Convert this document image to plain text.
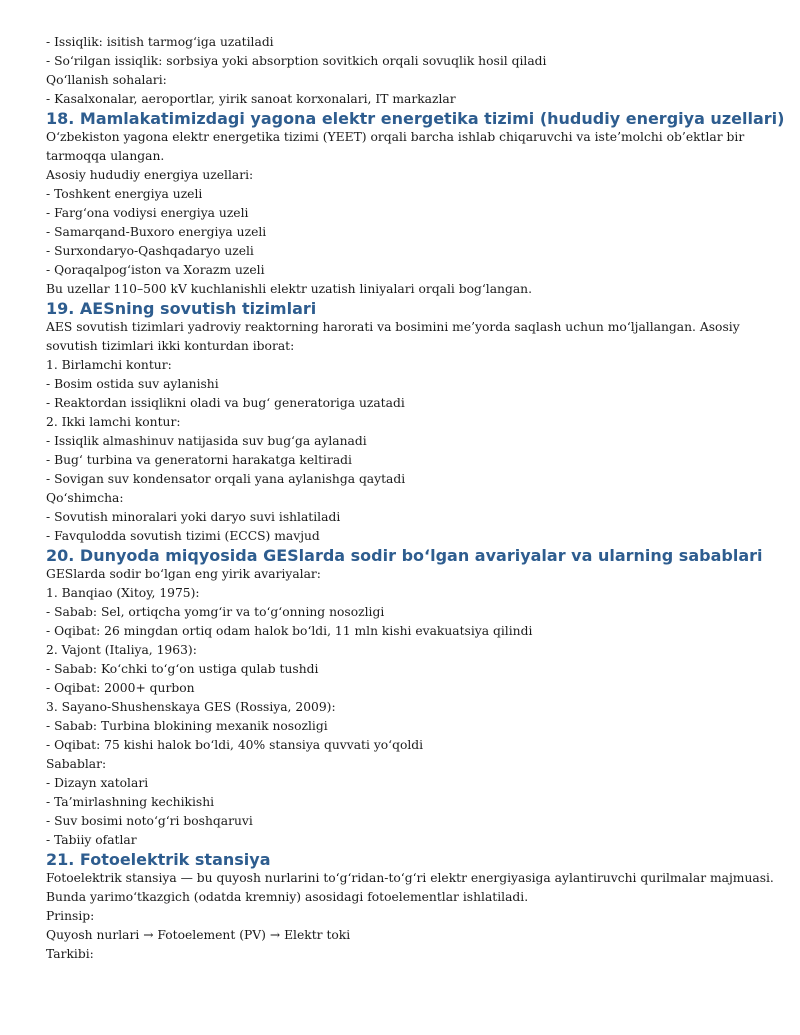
- Issiqlik: isitish tarmog‘iga uzatiladi
- So‘rilgan issiqlik: sorbsiya yoki absorption sovitkich orqali sovuqlik hosil qiladi
Qo‘llanish sohalari:
- Kasalxonalar, aeroportlar, yirik sanoat korxonalari, IT markazlar
18. Mamlakatimizdagi yagona elektr energetika tizimi (hududiy energiya uzellari)
O‘zbekiston yagona elektr energetika tizimi (YEET) orqali barcha ishlab chiqaruvchi va iste’molchi ob’ektlar bir tarmoqqa ulangan.
Asosiy hududiy energiya uzellari:
- Toshkent energiya uzeli
- Farg‘ona vodiysi energiya uzeli
- Samarqand-Buxoro energiya uzeli
- Surxondaryo-Qashqadaryo uzeli
- Qoraqalpog‘iston va Xorazm uzeli
Bu uzellar 110–500 kV kuchlanishli elektr uzatish liniyalari orqali bog‘langan.
19. AESning sovutish tizimlari
AES sovutish tizimlari yadroviy reaktorning harorati va bosimini me’yorda saqlash uchun mo‘ljallangan. Asosiy sovutish tizimlari ikki konturdan iborat:
1. Birlamchi kontur:
- Bosim ostida suv aylanishi
- Reaktordan issiqlikni oladi va bug‘ generatoriga uzatadi
2. Ikki lamchi kontur:
- Issiqlik almashinuv natijasida suv bug‘ga aylanadi
- Bug‘ turbina va generatorni harakatga keltiradi
- Sovigan suv kondensator orqali yana aylanishga qaytadi
Qo‘shimcha:
- Sovutish minoralari yoki daryo suvi ishlatiladi
- Favqulodda sovutish tizimi (ECCS) mavjud
20. Dunyoda miqyosida GESlarda sodir bo‘lgan avariyalar va ularning sabablari
GESlarda sodir bo‘lgan eng yirik avariyalar:
1. Banqiao (Xitoy, 1975):
- Sabab: Sel, ortiqcha yomg‘ir va to‘g‘onning nosozligi
- Oqibat: 26 mingdan ortiq odam halok bo‘ldi, 11 mln kishi evakuatsiya qilindi
2. Vajont (Italiya, 1963):
- Sabab: Ko‘chki to‘g‘on ustiga qulab tushdi
- Oqibat: 2000+ qurbon
3. Sayano-Shushenskaya GES (Rossiya, 2009):
- Sabab: Turbina blokining mexanik nosozligi
- Oqibat: 75 kishi halok bo‘ldi, 40% stansiya quvvati yo‘qoldi
Sabablar:
- Dizayn xatolari
- Ta’mirlashning kechikishi
- Suv bosimi noto‘g‘ri boshqaruvi
- Tabiiy ofatlar
21. Fotoelektrik stansiya
Fotoelektrik stansiya — bu quyosh nurlarini to‘g‘ridan-to‘g‘ri elektr energiyasiga aylantiruvchi qurilmalar majmuasi.
Bunda yarimo‘tkazgich (odatda kremniy) asosidagi fotoelementlar ishlatiladi.
Prinsip:
Quyosh nurlari → Fotoelement (PV) → Elektr toki
Tarkibi:
